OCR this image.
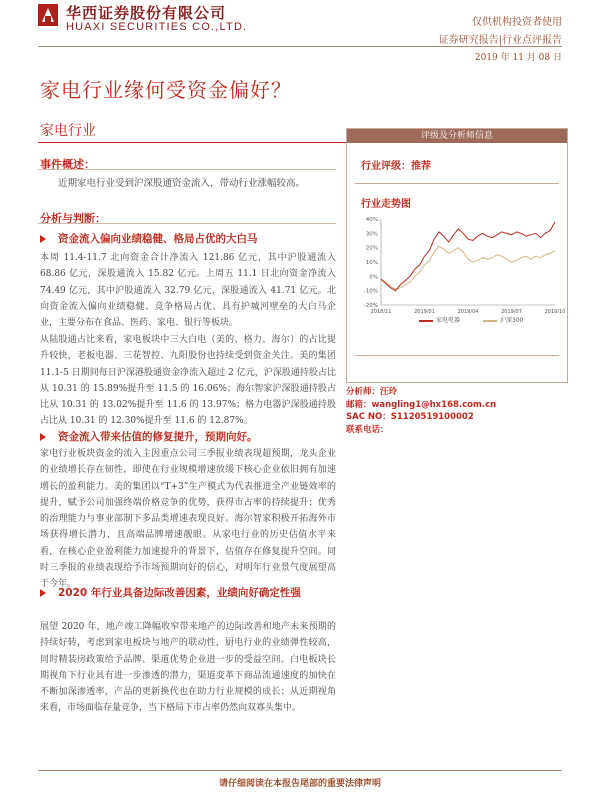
华西证券股份有限公司
HUAXI SECURITIES CO.,LTD.	仅供机构投资者使用
证券研究报告|行业点评报告
2019 年 11 月 08 日
家电行业缘何受资金偏好？
家电行业
事件概述：
近期家电行业受到沪深股通资金流入，带动行业涨幅较高。
分析与判断：
资金流入偏向业绩稳健、格局占优的大白马
本周 11.4-11.7 北向资金合计净流入 121.86 亿元，其中沪股通流入 68.86 亿元，深股通流入 15.82 亿元。上周五 11.1 日北向资金净流入 74.49 亿元，其中沪股通流入 32.79 亿元，深股通流入 41.71 亿元。北向资金流入偏向业绩稳健、竞争格局占优、具有护城河壁垒的大白马企业，主要分布在食品、医药、家电、银行等板块。
从陆股通占比来看，家电板块中三大白电（美的、格力、海尔）的占比提升较快，老板电器、三花智控、九阳股份也持续受到资金关注。美的集团 11.1-5 日期间每日沪深港股通资金净流入超过 2 亿元，沪深股通持股占比从 10.31 的 15.89%提升至 11.5 的 16.06%；海尔智家沪深股通持股占比从 10.31 的 13.02%提升至 11.6 的 13.97%；格力电器沪深股通持股占比从 10.31 的 12.30%提升至 11.6 的 12.87%。
资金流入带来估值的修复提升，预期向好。
家电行业板块资金的流入主因重点公司三季报业绩表现超预期，龙头企业的业绩增长存在韧性，即使在行业规模增速放缓下核心企业依旧拥有加速增长的盈利能力。美的集团以“T+3”生产模式为代表推进全产业链效率的提升，赋予公司加强终端价格竞争的优势，获得市占率的持续提升；优秀的治理能力与事业部制下多品类增速表现良好。海尔智家积极开拓海外市场获得增长潜力，且高端品牌增速靓眼。从家电行业的历史估值水平来看，在核心企业盈利能力加速提升的背景下，估值存在修复提升空间。同时三季报的业绩表现给予市场预期向好的信心，对明年行业景气度展望高于今年。
2020 年行业具备边际改善因素，业绩向好确定性强
展望 2020 年，地产竣工降幅收窄带来地产的边际改善和地产未来预期的持续好转，考虑到家电板块与地产的联动性，厨电行业的业绩弹性较高，同时精装房政策给予品牌、渠道优势企业进一步的受益空间。白电板块长期视角下行业具有进一步渗透的潜力，渠道变革下商品流通速度的加快在不断加深渗透率，产品的更新换代也在助力行业规模的成长；从近期视角来看，市场面临存量竞争，当下格局下市占率仍然向双寡头集中。
评级及分析师信息
行业评级：推荐
行业走势图
-20%
-10%
0%
10%
20%
30%
40%
2018/11	2019/01	2019/04	2019/07	2019/10
家电电器	沪深300
分析师：汪玲
邮箱：wangling1@hx168.com.cn
SAC NO：S1120519100002
联系电话：
请仔细阅读在本报告尾部的重要法律声明
